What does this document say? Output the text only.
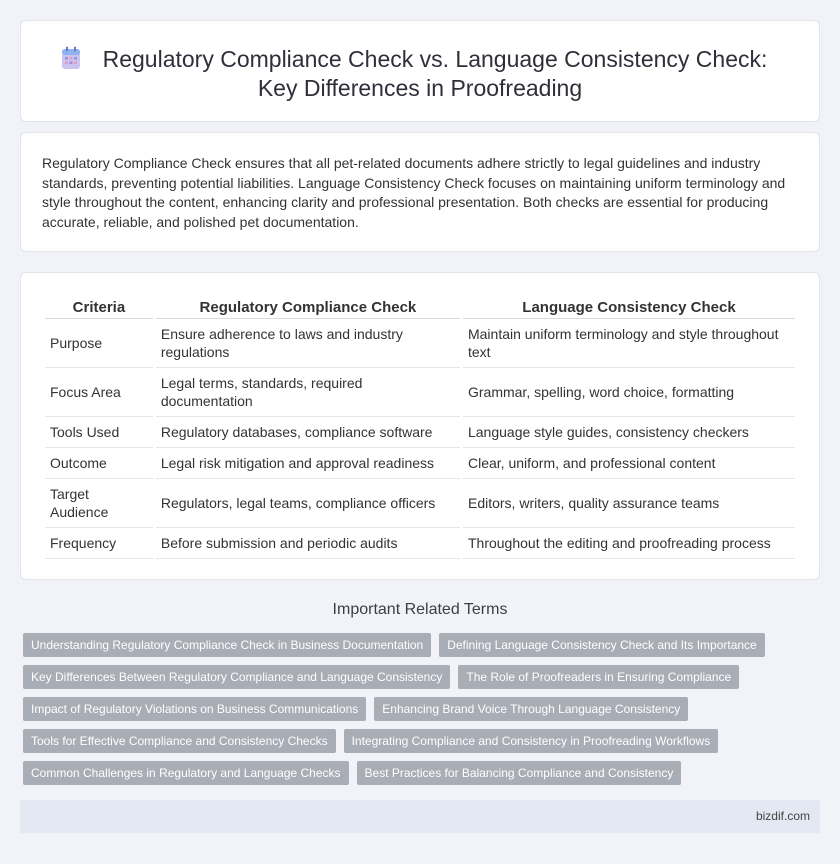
Regulatory Compliance Check vs. Language Consistency Check:
Key Differences in Proofreading

Regulatory Compliance Check ensures that all pet-related documents adhere strictly to legal guidelines and industry standards, preventing potential liabilities. Language Consistency Check focuses on maintaining uniform terminology and style throughout the content, enhancing clarity and professional presentation. Both checks are essential for producing accurate, reliable, and polished pet documentation.

Criteria	Regulatory Compliance Check	Language Consistency Check
Purpose	Ensure adherence to laws and industry regulations	Maintain uniform terminology and style throughout text
Focus Area	Legal terms, standards, required documentation	Grammar, spelling, word choice, formatting
Tools Used	Regulatory databases, compliance software	Language style guides, consistency checkers
Outcome	Legal risk mitigation and approval readiness	Clear, uniform, and professional content
Target Audience	Regulators, legal teams, compliance officers	Editors, writers, quality assurance teams
Frequency	Before submission and periodic audits	Throughout the editing and proofreading process
Important Related Terms
Understanding Regulatory Compliance Check in Business Documentation	Defining Language Consistency Check and Its Importance
Key Differences Between Regulatory Compliance and Language Consistency	The Role of Proofreaders in Ensuring Compliance
Impact of Regulatory Violations on Business Communications	Enhancing Brand Voice Through Language Consistency
Tools for Effective Compliance and Consistency Checks	Integrating Compliance and Consistency in Proofreading Workflows
Common Challenges in Regulatory and Language Checks	Best Practices for Balancing Compliance and Consistency
bizdif.com
